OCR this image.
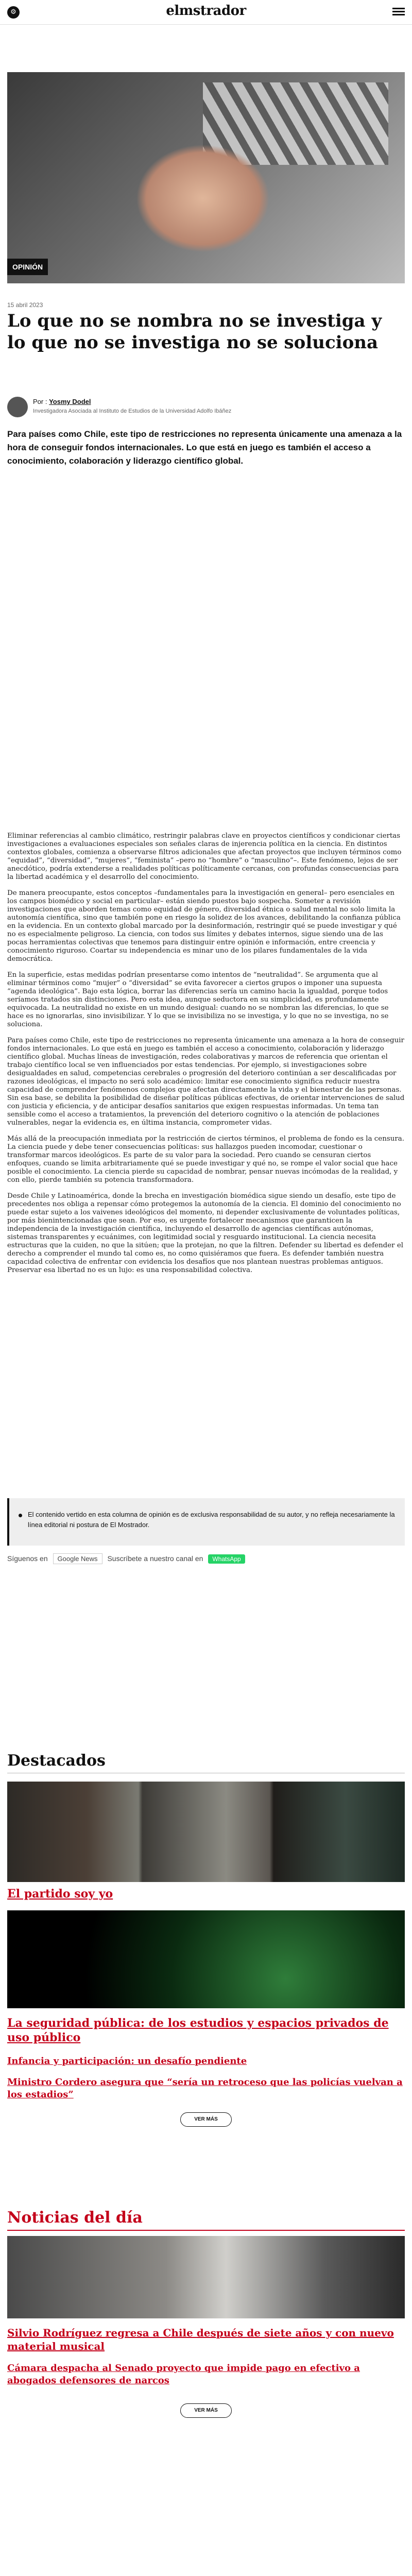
⚙	elmstrador
OPINIÓN
15 abril 2023
Lo que no se nombra no se investiga y lo que no se investiga no se soluciona
Por : Yosmy Dodel
Investigadora Asociada al Instituto de Estudios de la Universidad Adolfo Ibáñez

Para países como Chile, este tipo de restricciones no representa únicamente una amenaza a la hora de conseguir fondos internacionales. Lo que está en juego es también el acceso a conocimiento, colaboración y liderazgo científico global.

Eliminar referencias al cambio climático, restringir palabras clave en proyectos científicos y condicionar ciertas investigaciones a evaluaciones especiales son señales claras de injerencia política en la ciencia. En distintos contextos globales, comienza a observarse filtros adicionales que afectan proyectos que incluyen términos como “equidad”, “diversidad”, “mujeres”, “feminista” –pero no “hombre” o “masculino”–. Este fenómeno, lejos de ser anecdótico, podría extenderse a realidades políticas políticamente cercanas, con profundas consecuencias para la libertad académica y el desarrollo del conocimiento.

De manera preocupante, estos conceptos –fundamentales para la investigación en general– pero esenciales en los campos biomédico y social en particular– están siendo puestos bajo sospecha. Someter a revisión investigaciones que aborden temas como equidad de género, diversidad étnica o salud mental no solo limita la autonomía científica, sino que también pone en riesgo la solidez de los avances, debilitando la confianza pública en la evidencia. En un contexto global marcado por la desinformación, restringir qué se puede investigar y qué no es especialmente peligroso. La ciencia, con todos sus límites y debates internos, sigue siendo una de las pocas herramientas colectivas que tenemos para distinguir entre opinión e información, entre creencia y conocimiento riguroso. Coartar su independencia es minar uno de los pilares fundamentales de la vida democrática.

En la superficie, estas medidas podrían presentarse como intentos de “neutralidad”. Se argumenta que al eliminar términos como “mujer” o “diversidad” se evita favorecer a ciertos grupos o imponer una supuesta “agenda ideológica”. Bajo esta lógica, borrar las diferencias sería un camino hacia la igualdad, porque todos seríamos tratados sin distinciones. Pero esta idea, aunque seductora en su simplicidad, es profundamente equivocada. La neutralidad no existe en un mundo desigual: cuando no se nombran las diferencias, lo que se hace es no ignorarlas, sino invisibilizar. Y lo que se invisibiliza no se investiga, y lo que no se investiga, no se soluciona.

Para países como Chile, este tipo de restricciones no representa únicamente una amenaza a la hora de conseguir fondos internacionales. Lo que está en juego es también el acceso a conocimiento, colaboración y liderazgo científico global. Muchas líneas de investigación, redes colaborativas y marcos de referencia que orientan el trabajo científico local se ven influenciados por estas tendencias. Por ejemplo, si investigaciones sobre desigualdades en salud, competencias cerebrales o progresión del deterioro continúan a ser descalificadas por razones ideológicas, el impacto no será solo académico: limitar ese conocimiento significa reducir nuestra capacidad de comprender fenómenos complejos que afectan directamente la vida y el bienestar de las personas. Sin esa base, se debilita la posibilidad de diseñar políticas públicas efectivas, de orientar intervenciones de salud con justicia y eficiencia, y de anticipar desafíos sanitarios que exigen respuestas informadas. Un tema tan sensible como el acceso a tratamientos, la prevención del deterioro cognitivo o la atención de poblaciones vulnerables, negar la evidencia es, en última instancia, comprometer vidas.

Más allá de la preocupación inmediata por la restricción de ciertos términos, el problema de fondo es la censura. La ciencia puede y debe tener consecuencias políticas: sus hallazgos pueden incomodar, cuestionar o transformar marcos ideológicos. Es parte de su valor para la sociedad. Pero cuando se censuran ciertos enfoques, cuando se limita arbitrariamente qué se puede investigar y qué no, se rompe el valor social que hace posible el conocimiento. La ciencia pierde su capacidad de nombrar, pensar nuevas incómodas de la realidad, y con ello, pierde también su potencia transformadora.

Desde Chile y Latinoamérica, donde la brecha en investigación biomédica sigue siendo un desafío, este tipo de precedentes nos obliga a repensar cómo protegemos la autonomía de la ciencia. El dominio del conocimiento no puede estar sujeto a los vaivenes ideológicos del momento, ni depender exclusivamente de voluntades políticas, por más bienintencionadas que sean. Por eso, es urgente fortalecer mecanismos que garanticen la independencia de la investigación científica, incluyendo el desarrollo de agencias científicas autónomas, sistemas transparentes y ecuánimes, con legitimidad social y resguardo institucional. La ciencia necesita estructuras que la cuiden, no que la sitúen; que la protejan, no que la filtren. Defender su libertad es defender el derecho a comprender el mundo tal como es, no como quisiéramos que fuera. Es defender también nuestra capacidad colectiva de enfrentar con evidencia los desafíos que nos plantean nuestras problemas antiguos. Preservar esa libertad no es un lujo: es una responsabilidad colectiva.

El contenido vertido en esta columna de opinión es de exclusiva responsabilidad de su autor, y no refleja necesariamente la línea editorial ni postura de El Mostrador.
Síguenos en Google News Suscríbete a nuestro canal en WhatsApp
Destacados
El partido soy yo
La seguridad pública: de los estudios y espacios privados de uso público
Infancia y participación: un desafío pendiente
Ministro Cordero asegura que “sería un retroceso que las policías vuelvan a los estadios”
VER MÁS
Noticias del día
Silvio Rodríguez regresa a Chile después de siete años y con nuevo material musical
Cámara despacha al Senado proyecto que impide pago en efectivo a abogados defensores de narcos
VER MÁS
